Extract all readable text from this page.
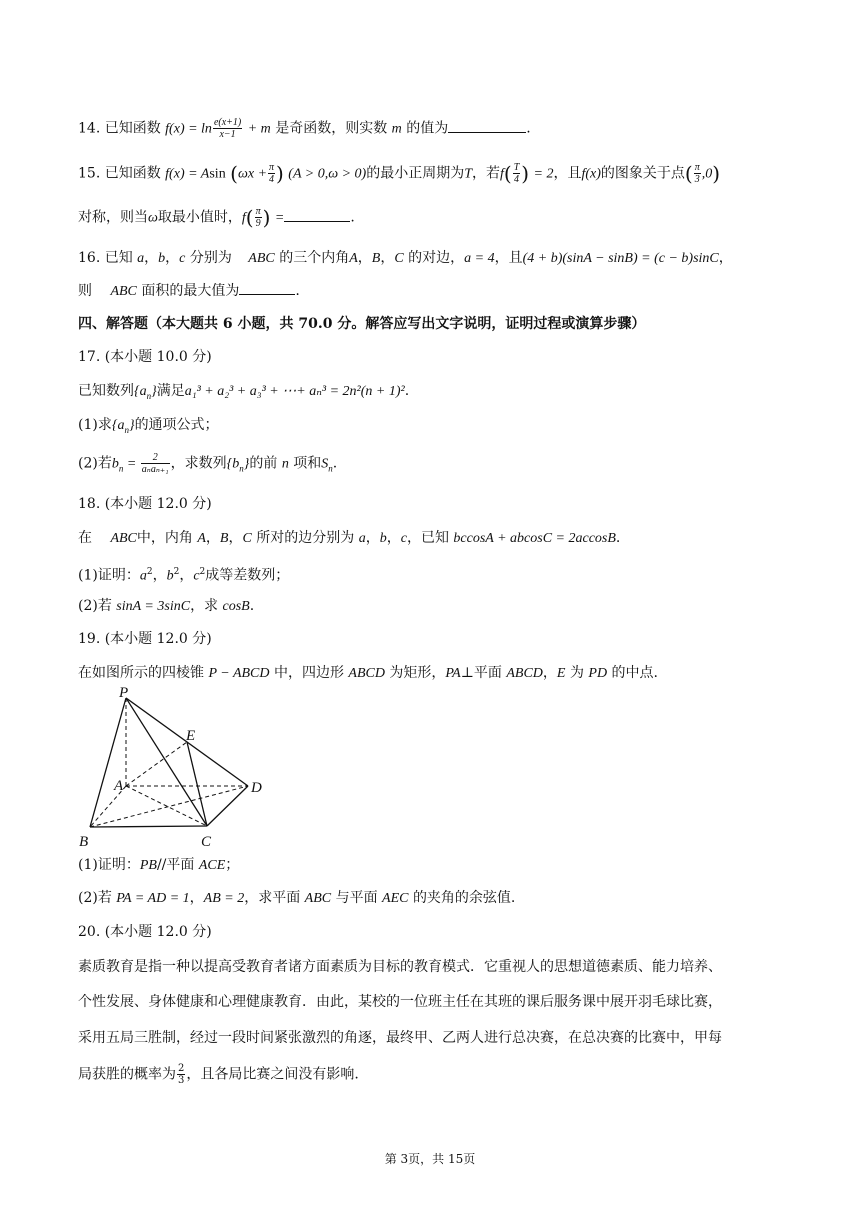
14. 已知函数 $f(x) = \ln \frac{e(x+1)}{x-1} + m$ 是奇函数，则实数 m 的值为	.
15. 已知函数 f(x) = Asin ($\omega x + \frac{\pi}{4}$ ) (A > 0,ω > 0)的最小正周期为T，若$f( \frac{T}{4}$ ) = 2，且f(x)的图象关于点( $\frac{\pi}{3} ,0$)
对称，则当ω取最小值时，$f( \frac{\pi}{9}$ ) =	.
16. 已知 a，b，c 分别为 ABC 的三个内角A，B，C 的对边，a = 4，且(4 + b)(sinA − sinB) = (c − b)sinC，
则 ABC 面积的最大值为	.
四、解答题（本大题共 6 小题，共 70.0 分。解答应写出文字说明，证明过程或演算步骤）
17. (本小题 10.0 分)
已知数列$\{a_n\}$满足a₁³ + a₂³ + a₃³ + ⋯+ aₙ³ = 2n²(n + 1)².
(1)求$\{a_n\}$的通项公式；
(2)若$b_n = \frac{2}{\text{aₙaₙ₊₁}}$ ，求数列$\{b_n\}$的前 n 项和$S_n$.
18. (本小题 12.0 分)
在 ABC中，内角 A，B，C 所对的边分别为 a，b，c，已知 bccosA + abcosC = 2accosB.
(1)证明：$a^2$，$b^2$，$c^2$成等差数列；
(2)若 sinA = 3sinC，求 cosB.
19. (本小题 12.0 分)
在如图所示的四棱锥 P − ABCD 中，四边形 ABCD 为矩形，PA⊥平面 ABCD，E 为 PD 的中点.
P
E
A	D
B	C
(1)证明：PB//平面 ACE；
(2)若 PA = AD = 1，AB = 2，求平面 ABC 与平面 AEC 的夹角的余弦值.
20. (本小题 12.0 分)
素质教育是指一种以提高受教育者诸方面素质为目标的教育模式．它重视人的思想道德素质、能力培养、
个性发展、身体健康和心理健康教育．由此，某校的一位班主任在其班的课后服务课中展开羽毛球比赛，
采用五局三胜制，经过一段时间紧张激烈的角逐，最终甲、乙两人进行总决赛，在总决赛的比赛中，甲每
局获胜的概率为 $\frac{2}{3}$ ，且各局比赛之间没有影响.
第 3页，共 15页
